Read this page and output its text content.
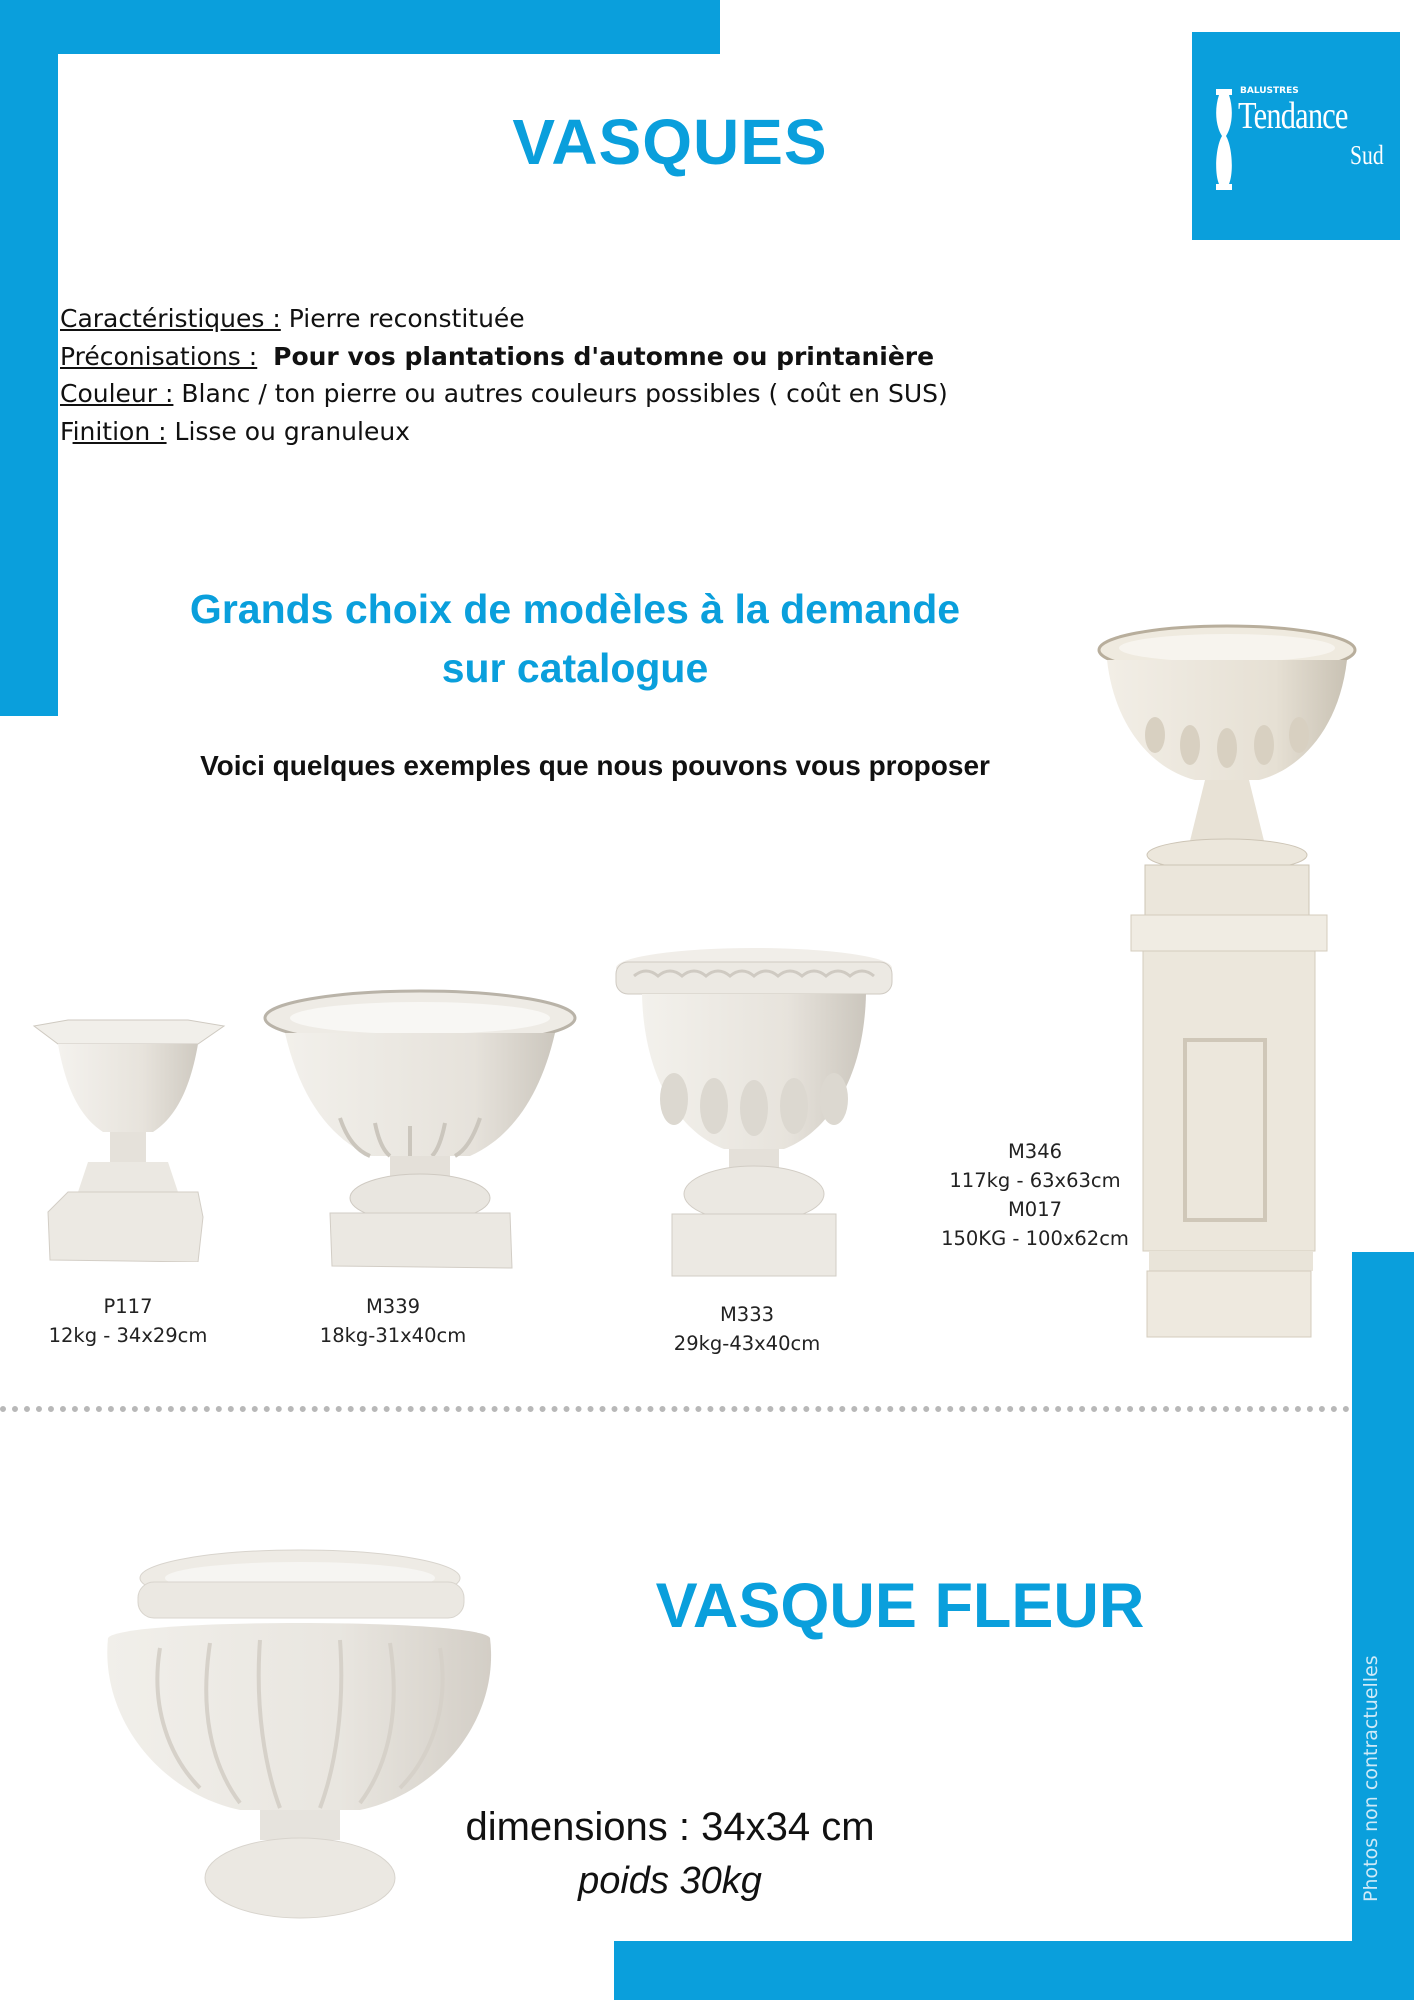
BALUSTRES
Tendance
Sud
VASQUES
Caractéristiques : Pierre reconstituée
Préconisations : Pour vos plantations d'automne ou printanière
Couleur : Blanc / ton pierre ou autres couleurs possibles ( coût en SUS)
Finition : Lisse ou granuleux
Grands choix de modèles à la demande
sur catalogue
Voici quelques exemples que nous pouvons vous proposer
P117
12kg - 34x29cm
M339
18kg-31x40cm
M333
29kg-43x40cm
M346
117kg - 63x63cm
M017
150KG - 100x62cm
VASQUE FLEUR
dimensions : 34x34 cm
poids 30kg	Photos non contractuelles
